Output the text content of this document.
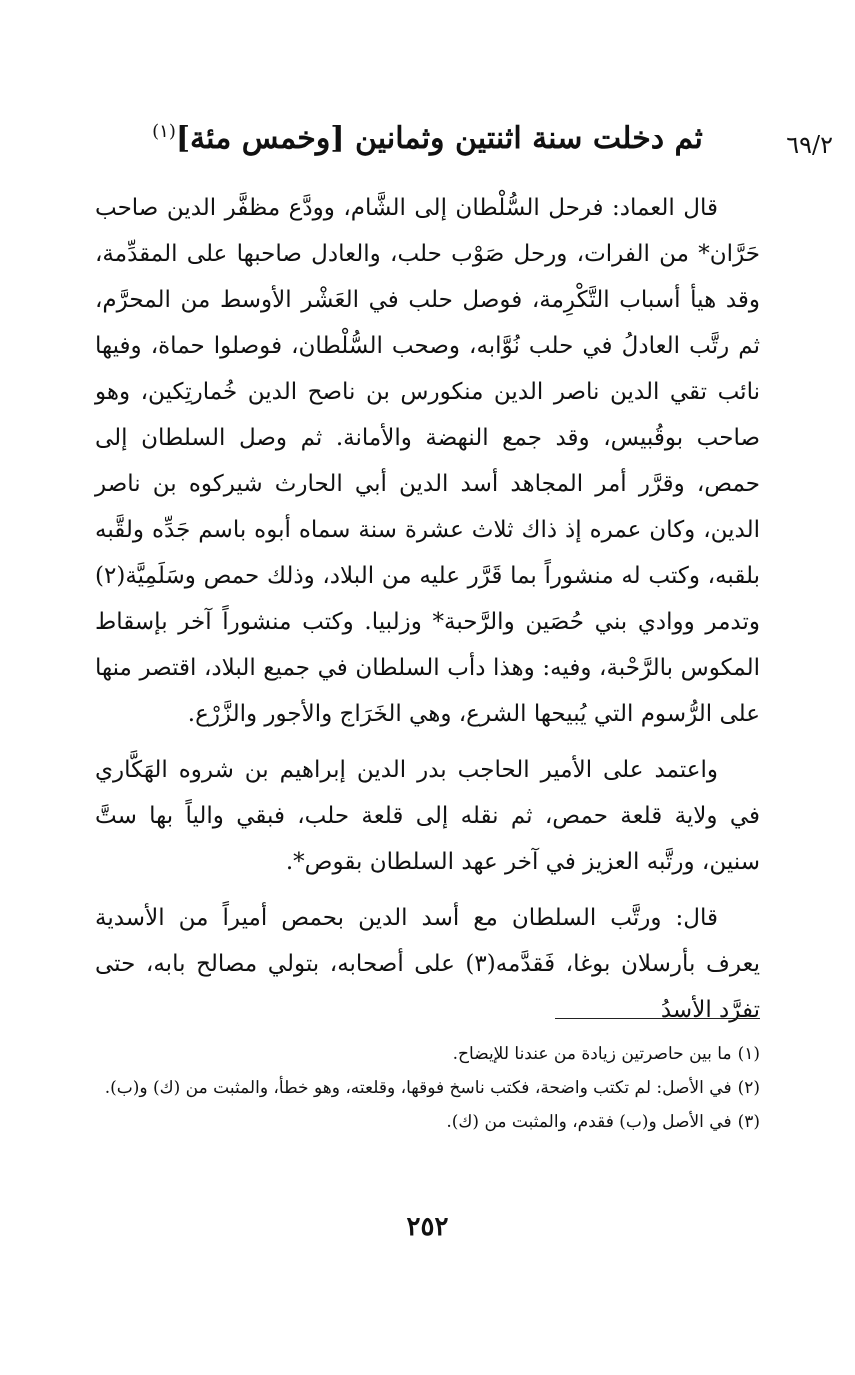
٦٩/٢
ثم دخلت سنة اثنتين وثمانين [وخمس مئة]$^{(١)}$

قال العماد: فرحل السُّلْطان إلى الشَّام، وودَّع مظفَّر الدين صاحب حَرَّان* من الفرات، ورحل صَوْب حلب، والعادل صاحبها على المقدِّمة، وقد هيأ أسباب التَّكْرِمة، فوصل حلب في العَشْر الأوسط من المحرَّم، ثم رتَّب العادلُ في حلب نُوَّابه، وصحب السُّلْطان، فوصلوا حماة، وفيها نائب تقي الدين ناصر الدين منكورس بن ناصح الدين خُمارتِكين، وهو صاحب بوقُبيس، وقد جمع النهضة والأمانة. ثم وصل السلطان إلى حمص، وقرَّر أمر المجاهد أسد الدين أبي الحارث شيركوه بن ناصر الدين، وكان عمره إذ ذاك ثلاث عشرة سنة سماه أبوه باسم جَدِّه ولقَّبه بلقبه، وكتب له منشوراً بما قَرَّر عليه من البلاد، وذلك حمص وسَلَمِيَّة(٢) وتدمر ووادي بني حُصَين والرَّحبة* وزلبيا. وكتب منشوراً آخر بإسقاط المكوس بالرَّحْبة، وفيه: وهذا دأب السلطان في جميع البلاد، اقتصر منها على الرُّسوم التي يُبيحها الشرع، وهي الخَرَاج والأجور والزَّرْع.

واعتمد على الأمير الحاجب بدر الدين إبراهيم بن شروه الهَكَّاري في ولاية قلعة حمص، ثم نقله إلى قلعة حلب، فبقي والياً بها ستَّ سنين، ورتَّبه العزيز في آخر عهد السلطان بقوص*.

قال: ورتَّب السلطان مع أسد الدين بحمص أميراً من الأسدية يعرف بأرسلان بوغا، فَقدَّمه(٣) على أصحابه، بتولي مصالح بابه، حتى تفرَّد الأسدُ

(١)ما بين حاصرتين زيادة من عندنا للإيضاح.
(٢)في الأصل: لم تكتب واضحة، فكتب ناسخ فوقها، وقلعته، وهو خطأ، والمثبت من (ك) و(ب).
(٣)في الأصل و(ب) فقدم، والمثبت من (ك).
٢٥٢
